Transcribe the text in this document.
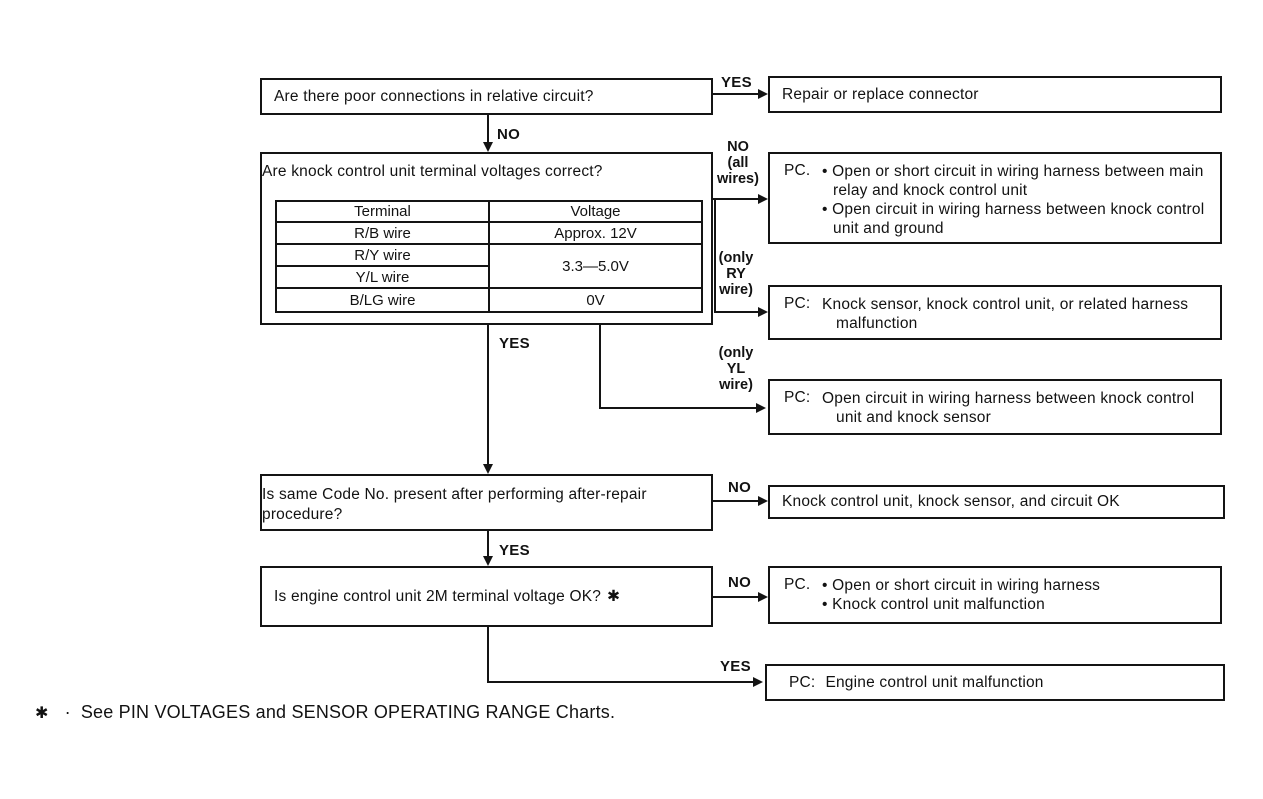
Are there poor connections in relative circuit?
Are knock control unit terminal voltages correct?
Terminal	Voltage
R/B wire	Approx. 12V
R/Y wire	3.3—5.0V
Y/L wire	
B/LG wire	0V
Is same Code No. present after performing after-repair procedure?
Is engine control unit 2M terminal voltage OK? ✱
Repair or replace connector
PC. • Open or short circuit in wiring harness between main relay and knock control unit
• Open circuit in wiring harness between knock control unit and ground
PC: Knock sensor, knock control unit, or related harness malfunction
PC: Open circuit in wiring harness between knock control unit and knock sensor
Knock control unit, knock sensor, and circuit OK
PC. • Open or short circuit in wiring harness
• Knock control unit malfunction
PC: Engine control unit malfunction
YES
NO
NO
(all
wires)
(only
RY
wire)
(only
YL
wire)
YES
NO
YES
NO
YES
✱ · See PIN VOLTAGES and SENSOR OPERATING RANGE Charts.
